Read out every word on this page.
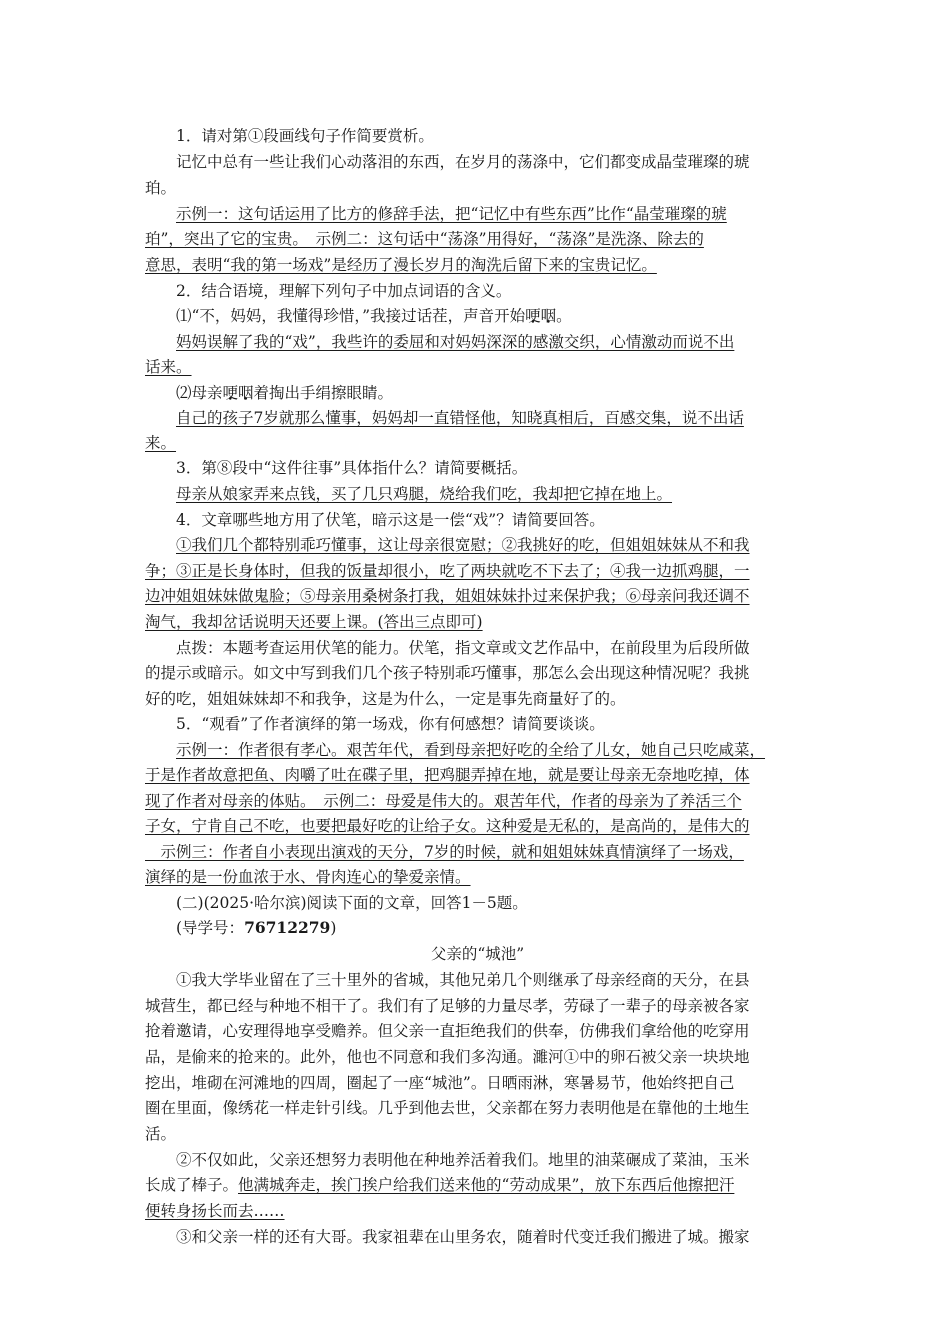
1．请对第①段画线句子作简要赏析。
记忆中总有一些让我们心动落泪的东西，在岁月的荡涤中，它们都变成晶莹璀璨的琥
珀。
示例一：这句话运用了比方的修辞手法，把“记忆中有些东西”比作“晶莹璀璨的琥
珀”，突出了它的宝贵。　示例二：这句话中“荡涤”用得好，“荡涤”是洗涤、除去的
意思，表明“我的第一场戏”是经历了漫长岁月的淘洗后留下来的宝贵记忆。
2．结合语境，理解下列句子中加点词语的含义。
⑴“不，妈妈，我懂得珍惜，”我接过话茬，声音开始哽咽。
妈妈误解了我的“戏”，我些许的委屈和对妈妈深深的感激交织，心情激动而说不出
话来。
⑵母亲哽咽着掏出手绢擦眼睛。
自己的孩子7岁就那么懂事，妈妈却一直错怪他，知晓真相后，百感交集，说不出话
来。
3．第⑧段中“这件往事”具体指什么？请简要概括。
母亲从娘家弄来点钱，买了几只鸡腿，烧给我们吃，我却把它掉在地上。
4．文章哪些地方用了伏笔，暗示这是一偿“戏”？请简要回答。
①我们几个都特别乖巧懂事，这让母亲很宽慰；②我挑好的吃，但姐姐妹妹从不和我
争；③正是长身体时，但我的饭量却很小，吃了两块就吃不下去了；④我一边抓鸡腿，一
边冲姐姐妹妹做鬼脸；⑤母亲用桑树条打我，姐姐妹妹扑过来保护我；⑥母亲问我还调不
淘气，我却岔话说明天还要上课。(答出三点即可)
点拨：本题考查运用伏笔的能力。伏笔，指文章或文艺作品中，在前段里为后段所做
的提示或暗示。如文中写到我们几个孩子特别乖巧懂事，那怎么会出现这种情况呢？我挑
好的吃，姐姐妹妹却不和我争，这是为什么，一定是事先商量好了的。
5．“观看”了作者演绎的第一场戏，你有何感想？请简要谈谈。
示例一：作者很有孝心。艰苦年代，看到母亲把好吃的全给了儿女，她自己只吃咸菜，
于是作者故意把鱼、肉嚼了吐在碟子里，把鸡腿弄掉在地，就是要让母亲无奈地吃掉，体
现了作者对母亲的体贴。　示例二：母爱是伟大的。艰苦年代，作者的母亲为了养活三个
子女，宁肯自己不吃，也要把最好吃的让给子女。这种爱是无私的，是高尚的，是伟大的
　示例三：作者自小表现出演戏的天分，7岁的时候，就和姐姐妹妹真情演绎了一场戏，
演绎的是一份血浓于水、骨肉连心的挚爱亲情。
(二)(2025·哈尔滨)阅读下面的文章，回答1－5题。
(导学号：76712279)
父亲的“城池”
①我大学毕业留在了三十里外的省城，其他兄弟几个则继承了母亲经商的天分，在县
城营生，都已经与种地不相干了。我们有了足够的力量尽孝，劳碌了一辈子的母亲被各家
抢着邀请，心安理得地享受赡养。但父亲一直拒绝我们的供奉，仿佛我们拿给他的吃穿用
品，是偷来的抢来的。此外，他也不同意和我们多沟通。濉河①中的卵石被父亲一块块地
挖出，堆砌在河滩地的四周，圈起了一座“城池”。日晒雨淋，寒暑易节，他始终把自己
圈在里面，像绣花一样走针引线。几乎到他去世，父亲都在努力表明他是在靠他的土地生
活。
②不仅如此，父亲还想努力表明他在种地养活着我们。地里的油菜碾成了菜油，玉米
长成了棒子。他满城奔走，挨门挨户给我们送来他的“劳动成果”，放下东西后他擦把汗
便转身扬长而去……
③和父亲一样的还有大哥。我家祖辈在山里务农，随着时代变迁我们搬进了城。搬家
